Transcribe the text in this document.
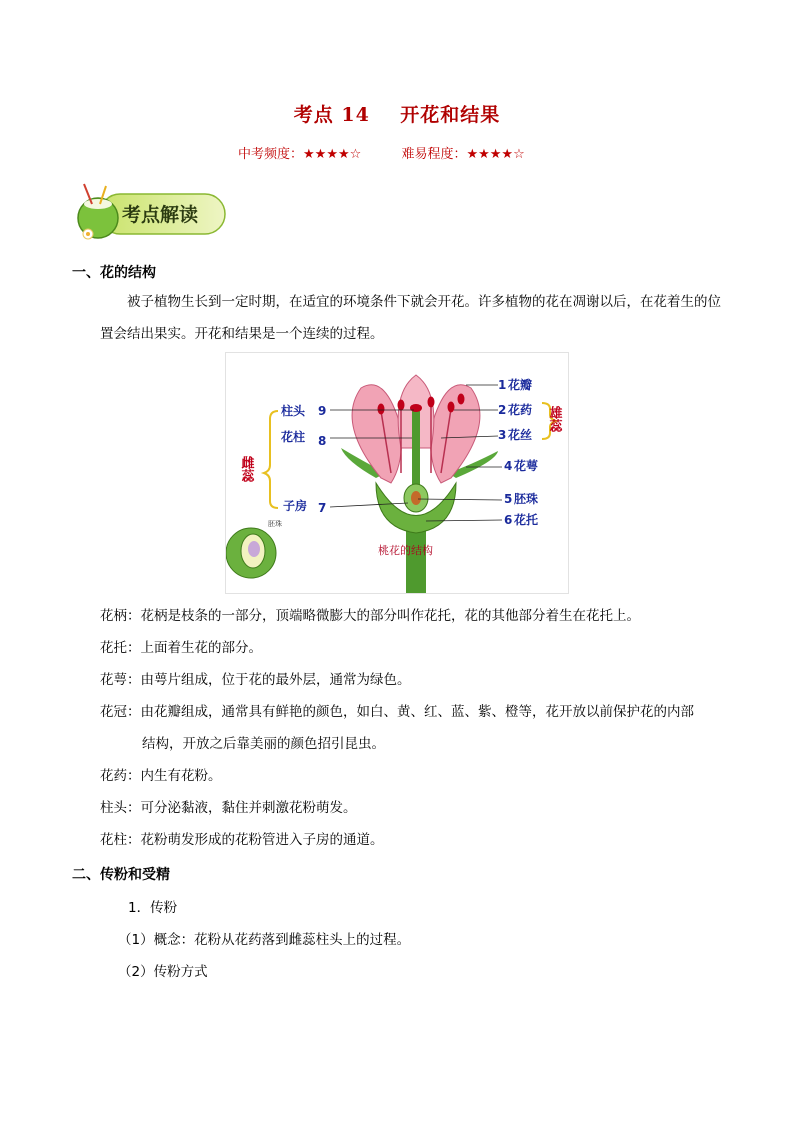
考点 14    开花和结果
中考频度：★★★★☆	难易程度：★★★★☆
考点解读
一、花的结构
被子植物生长到一定时期，在适宜的环境条件下就会开花。许多植物的花在凋谢以后，在花着生的位置会结出果实。开花和结果是一个连续的过程。
柱头 9
花柱 8
子房 7
雌蕊
1 花瓣
2 花药
3 花丝
4 花萼
5 胚珠
6 花托
雄蕊
胚珠
桃花的结构
花柄：花柄是枝条的一部分，顶端略微膨大的部分叫作花托，花的其他部分着生在花托上。
花托：上面着生花的部分。
花萼：由萼片组成，位于花的最外层，通常为绿色。
花冠：由花瓣组成，通常具有鲜艳的颜色，如白、黄、红、蓝、紫、橙等，花开放以前保护花的内部
结构，开放之后靠美丽的颜色招引昆虫。
花药：内生有花粉。
柱头：可分泌黏液，黏住并刺激花粉萌发。
花柱：花粉萌发形成的花粉管进入子房的通道。
二、传粉和受精
1．传粉
（1）概念：花粉从花药落到雌蕊柱头上的过程。
（2）传粉方式
